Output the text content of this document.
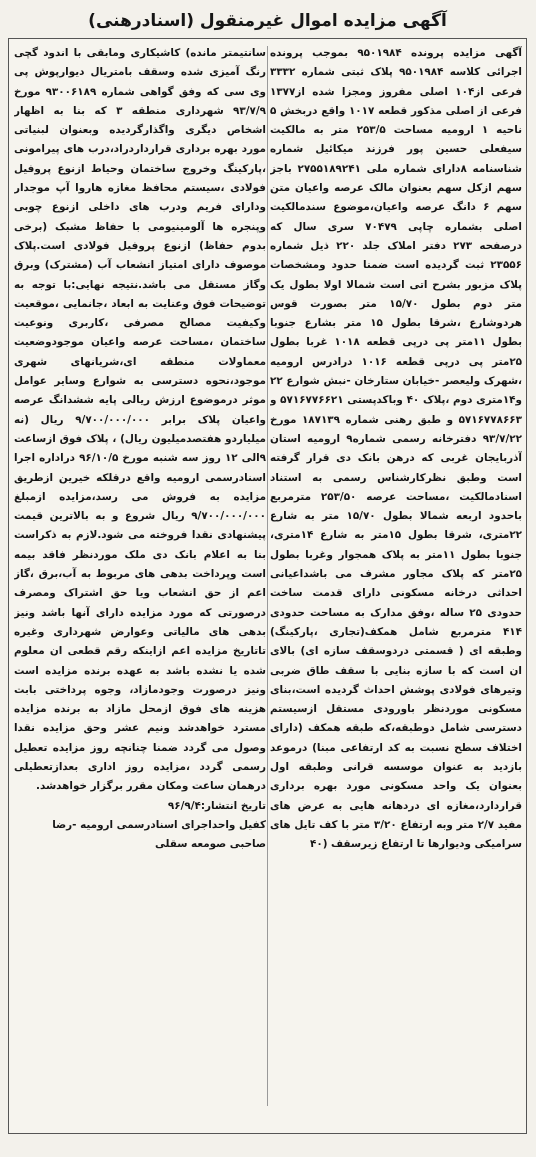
آگهی مزایده اموال غیرمنقول (اسنادرهنی)

آگهی مزایده پرونده ۹۵۰۱۹۸۴ بموجب پرونده اجرائی کلاسه ۹۵۰۱۹۸۴ پلاک ثبتی شماره ۳۳۳۲ فرعی از۱۰۴ اصلی مفروز ومجزا شده از۱۳۷۷ فرعی از اصلی مذکور قطعه ۱۰۱۷ واقع دربخش ۵ ناحیه ۱ ارومیه مساحت ۲۵۳/۵ متر به مالکیت سیفعلی حسین پور فرزند میکائیل شماره شناسنامه ۸دارای شماره ملی ۲۷۵۵۱۸۹۲۴۱ باجز سهم ازکل سهم بعنوان مالک عرصه واعیان متن سهم ۶ دانگ عرصه واعیان،موضوع سندمالکیت اصلی بشماره چاپی ۷۰۴۷۹ سری سال که درصفحه ۲۷۳ دفتر املاک جلد ۲۲۰ ذیل شماره ۲۳۵۵۶ ثبت گردیده است ضمنا حدود ومشخصات پلاک مزبور بشرح اتی است شمالا اولا بطول یک متر دوم بطول ۱۵/۷۰ متر بصورت قوس هردوشارع ،شرقا بطول ۱۵ متر بشارع جنوبا بطول ۱۱متر پی درپی قطعه ۱۰۱۸ غربا بطول ۲۵متر پی درپی قطعه ۱۰۱۶ درادرس ارومیه ،شهرک ولیعصر -خیابان ستارخان -نبش شوارع ۲۲ و۱۴متری دوم ،پلاک ۴۰ وباکدپستی ۵۷۱۶۷۷۶۶۲۱ و ۵۷۱۶۷۷۸۶۶۳ و طبق رهنی شماره ۱۸۷۱۳۹ مورخ ۹۳/۷/۲۲ دفترخانه رسمی شماره۹ ارومیه استان آذربایجان غربی که درهن بانک دی قرار گرفته است وطبق نظرکارشناس رسمی به استناد اسنادمالکیت ،مساحت عرصه ۲۵۳/۵۰ مترمربع باحدود اربعه شمالا بطول ۱۵/۷۰ متر به شارع ۲۲متری، شرقا بطول ۱۵متر به شارع ۱۴متری، جنوبا بطول ۱۱متر به پلاک همجوار وغربا بطول ۲۵متر که پلاک مجاور مشرف می باشداعیانی احداثی درخانه مسکونی دارای قدمت ساخت حدودی ۲۵ ساله ،وفق مدارک به مساحت حدودی ۴۱۴ مترمربع شامل همکف(تجاری ،پارکینگ) وطبقه ای ( قسمتی دردوسقف سازه ای) بالای ان است که با سازه بنایی با سقف طاق ضربی وتیرهای فولادی پوشش احداث گردیده است،بنای مسکونی موردنظر باورودی مستقل ازسیستم دسترسی شامل دوطبقه،که طبقه همکف (دارای اختلاف سطح نسبت به کد ارتفاعی مبنا) درموعد بازدید به عنوان موسسه قرانی وطبقه اول بعنوان یک واحد مسکونی مورد بهره برداری قراردارد،مغازه ای دردهانه هایی به عرض های مفید ۲/۷ متر وبه ارتفاع ۳/۲۰ متر با کف تایل های سرامیکی ودیوارها تا ارتفاع زیرسقف (۴۰

سانتیمتر مانده) کاشیکاری ومابقی با اندود گچی رنگ آمیزی شده وسقف بامتریال دیوارپوش پی وی سی که وفق گواهی شماره ۹۳۰۰۶۱۸۹ مورخ ۹۳/۷/۹ شهرداری منطقه ۳ که بنا به اظهار اشخاص دیگری واگذارگردیده وبعنوان لبنیاتی مورد بهره برداری قرارداردراد،درب های پیرامونی ،پارکینگ وخروج ساختمان وحیاط ازنوع پروفیل فولادی ،سیستم محافظ مغازه هاروا آپ موجدار ودارای فریم ودرب های داخلی ازنوع چوبی وپنجره ها آلومینیومی با حفاظ مشبک (برخی بدوم حفاظ) ازنوع پروفیل فولادی است.پلاک موصوف دارای امتیاز انشعاب آب (مشترک) وبرق وگاز مستقل می باشد.نتیجه نهایی:با توجه به توضیحات فوق وعنایت به ابعاد ،جانمایی ،موقعیت وکیفیت مصالح مصرفی ،کاربری ونوعیت ساختمان ،مساحت عرصه واعیان موجودوضعیت معماولات منطقه ای،شریانهای شهری موجود،نحوه دسترسی به شوارع وسایر عوامل موثر درموضوع ارزش ریالی پایه ششدانگ عرصه واعیان پلاک برابر ۹/۷۰۰/۰۰۰/۰۰۰ ریال (نه میلیاردو هفتصدمیلیون ریال) ، پلاک فوق ازساعت ۹الی ۱۲ روز سه شنبه مورخ ۹۶/۱۰/۵ دراداره اجرا اسنادرسمی ارومیه واقع درقلکه خیرین ازطریق مزایده به فروش می رسد،مزایده ازمبلغ ۹/۷۰۰/۰۰۰/۰۰۰ ریال شروع و به بالاترین قیمت پیشنهادی نقدا فروخته می شود.لازم به ذکراست بنا به اعلام بانک دی ملک موردنظر فاقد بیمه است وپرداخت بدهی های مربوط به آب،برق ،گاز اعم از حق انشعاب ویا حق اشتراک ومصرف درصورتی که مورد مزایده دارای آنها باشد ونیز بدهی های مالیاتی وعوارض شهرداری وغیره تاتاریخ مزایده اعم ازاینکه رقم قطعی ان معلوم شده یا نشده باشد به عهده برنده مزایده است ونیز درصورت وجودمازاد، وجوه پرداختی بابت هزینه های فوق ازمحل مازاد به برنده مزایده مسترد خواهدشد ونیم عشر وحق مزایده نقدا وصول می گردد ضمنا چنانچه روز مزایده تعطیل رسمی گردد ،مزایده روز اداری بعدازتعطیلی درهمان ساعت ومکان مقرر برگزار خواهدشد.

تاریخ انتشار:۹۶/۹/۴

کفیل واحداجرای اسنادرسمی ارومیه -رضا

صاحبی صومعه سقلی
